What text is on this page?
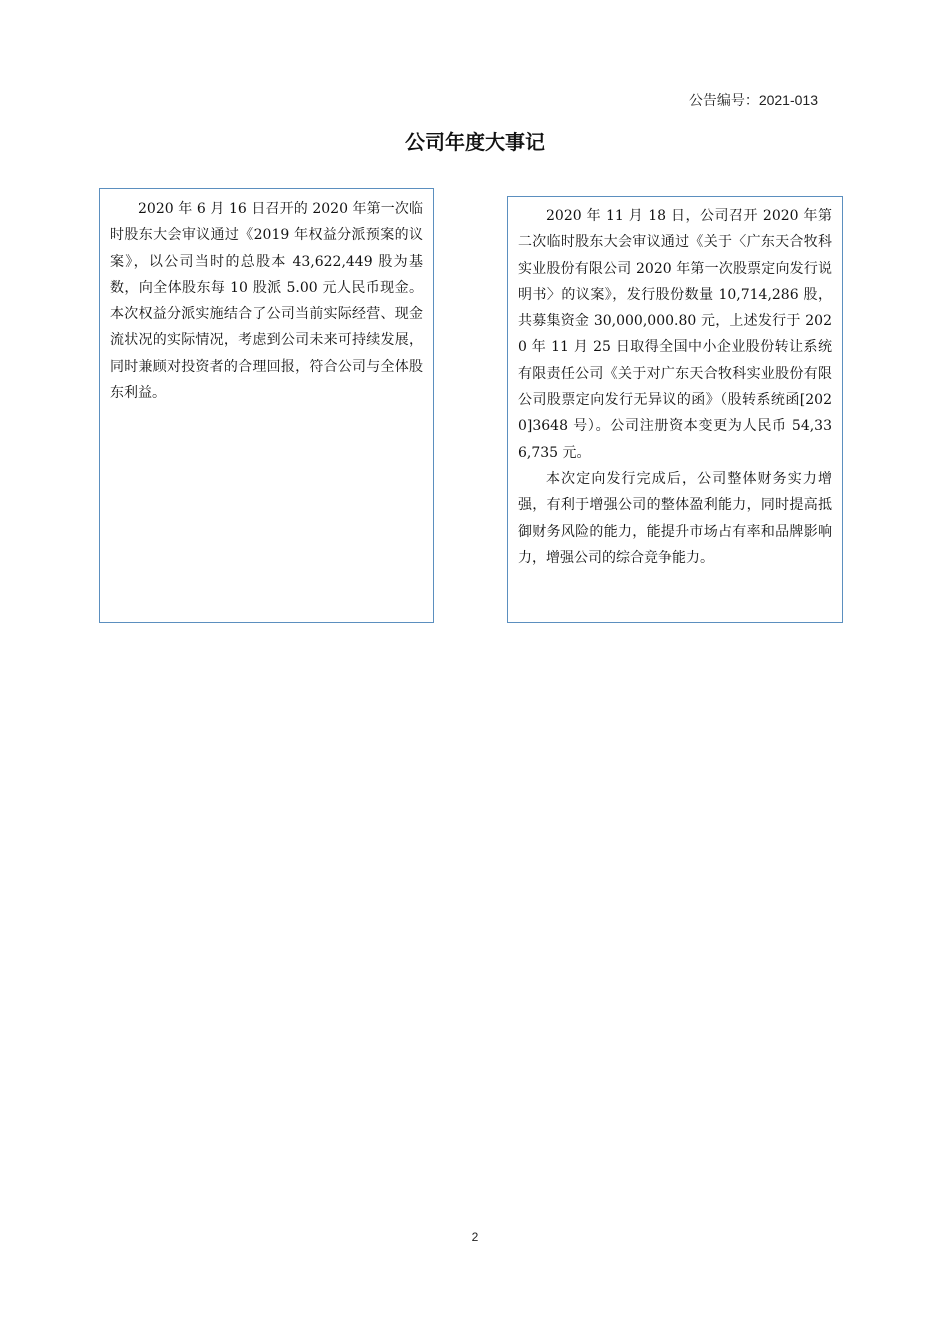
公告编号：2021-013
公司年度大事记

2020 年 6 月 16 日召开的 2020 年第一次临时股东大会审议通过《2019 年权益分派预案的议案》，以公司当时的总股本 43,622,449 股为基数，向全体股东每 10 股派 5.00 元人民币现金。本次权益分派实施结合了公司当前实际经营、现金流状况的实际情况，考虑到公司未来可持续发展，同时兼顾对投资者的合理回报，符合公司与全体股东利益。

2020 年 11 月 18 日，公司召开 2020 年第二次临时股东大会审议通过《关于〈广东天合牧科实业股份有限公司 2020 年第一次股票定向发行说明书〉的议案》，发行股份数量 10,714,286 股，共募集资金 30,000,000.80 元，上述发行于 2020 年 11 月 25 日取得全国中小企业股份转让系统有限责任公司《关于对广东天合牧科实业股份有限公司股票定向发行无异议的函》（股转系统函[2020]3648 号）。公司注册资本变更为人民币 54,336,735 元。

本次定向发行完成后，公司整体财务实力增强，有利于增强公司的整体盈利能力，同时提高抵御财务风险的能力，能提升市场占有率和品牌影响力，增强公司的综合竞争能力。

2
